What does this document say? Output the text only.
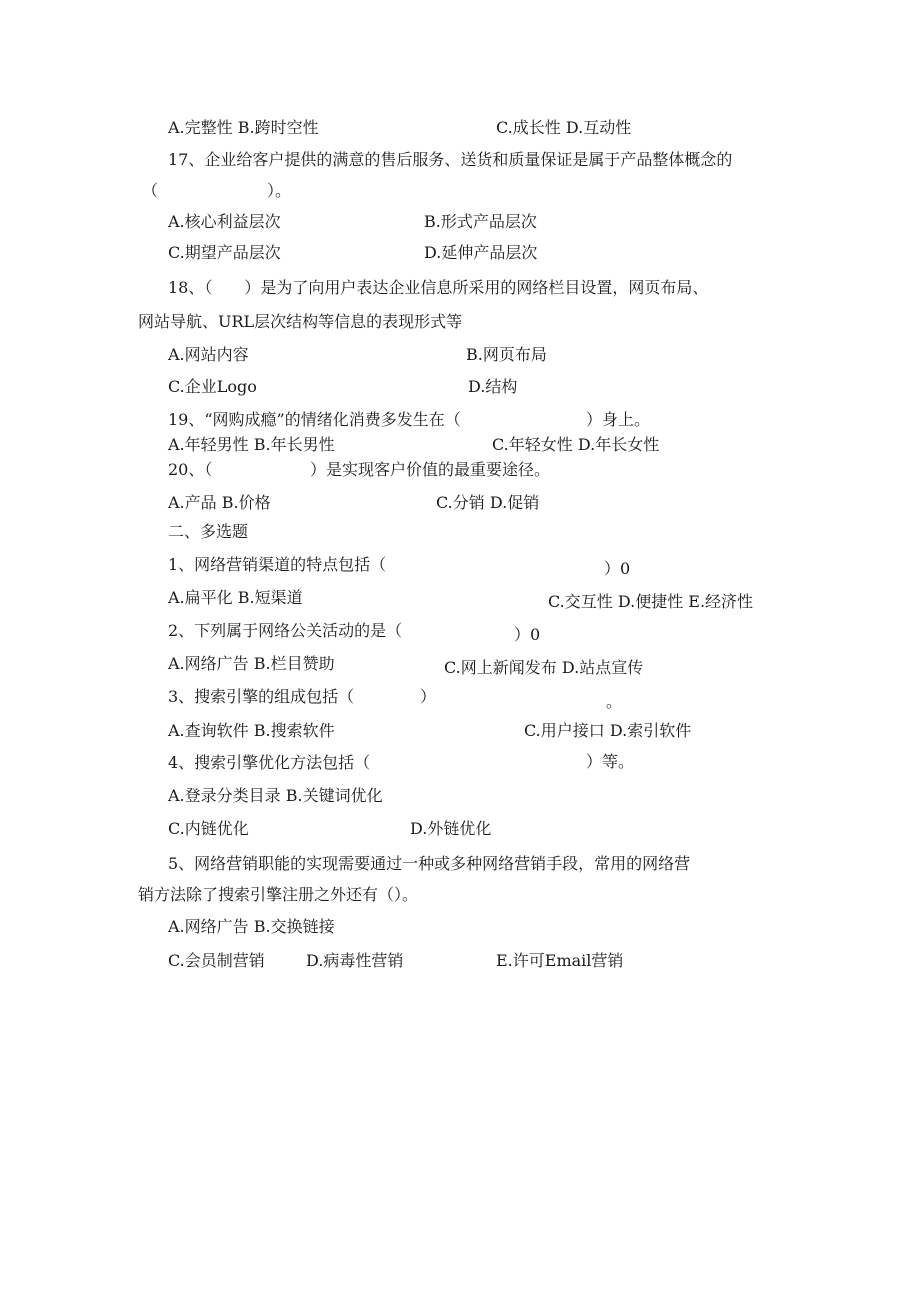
A.完整性 B.跨时空性	C.成长性 D.互动性
17、企业给客户提供的满意的售后服务、送货和质量保证是属于产品整体概念的
（	）。
A.核心利益层次	B.形式产品层次
C.期望产品层次	D.延伸产品层次
18、（　　）是为了向用户表达企业信息所采用的网络栏目设置，网页布局、
网站导航、URL层次结构等信息的表现形式等
A.网站内容	B.网页布局
C.企业Logo	D.结构
19、“网购成瘾”的情绪化消费多发生在（	）身上。
A.年轻男性 B.年长男性	C.年轻女性 D.年长女性
20、（	）是实现客户价值的最重要途径。
A.产品 B.价格	C.分销 D.促销
二、多选题
1、网络营销渠道的特点包括（	）0
A.扁平化 B.短渠道	C.交互性 D.便捷性 E.经济性
2、下列属于网络公关活动的是（	）0
A.网络广告 B.栏目赞助	C.网上新闻发布 D.站点宣传
3、搜索引擎的组成包括（	）	。
A.查询软件 B.搜索软件	C.用户接口 D.索引软件
4、搜索引擎优化方法包括（	）等。
A.登录分类目录 B.关键词优化
C.内链优化	D.外链优化
5、网络营销职能的实现需要通过一种或多种网络营销手段，常用的网络营
销方法除了搜索引擎注册之外还有（）。
A.网络广告 B.交换链接
C.会员制营销	D.病毒性营销	E.许可Email营销
